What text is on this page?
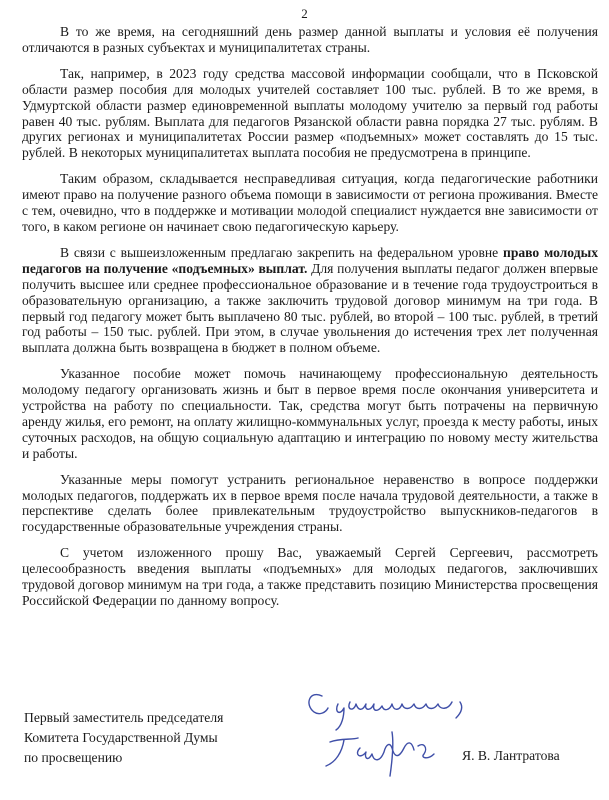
2

В то же время, на сегодняшний день размер данной выплаты и условия её получения отличаются в разных субъектах и муниципалитетах страны.

Так, например, в 2023 году средства массовой информации сообщали, что в Псковской области размер пособия для молодых учителей составляет 100 тыс. рублей. В то же время, в Удмуртской области размер единовременной выплаты молодому учителю за первый год работы равен 40 тыс. рублям. Выплата для педагогов Рязанской области равна порядка 27 тыс. рублям. В других регионах и муниципалитетах России размер «подъемных» может составлять до 15 тыс. рублей. В некоторых муниципалитетах выплата пособия не предусмотрена в принципе.

Таким образом, складывается несправедливая ситуация, когда педагогические работники имеют право на получение разного объема помощи в зависимости от региона проживания. Вместе с тем, очевидно, что в поддержке и мотивации молодой специалист нуждается вне зависимости от того, в каком регионе он начинает свою педагогическую карьеру.

В связи с вышеизложенным предлагаю закрепить на федеральном уровне право молодых педагогов на получение «подъемных» выплат. Для получения выплаты педагог должен впервые получить высшее или среднее профессиональное образование и в течение года трудоустроиться в образовательную организацию, а также заключить трудовой договор минимум на три года. В первый год педагогу может быть выплачено 80 тыс. рублей, во второй – 100 тыс. рублей, в третий год работы – 150 тыс. рублей. При этом, в случае увольнения до истечения трех лет полученная выплата должна быть возвращена в бюджет в полном объеме.

Указанное пособие может помочь начинающему профессиональную деятельность молодому педагогу организовать жизнь и быт в первое время после окончания университета и устройства на работу по специальности. Так, средства могут быть потрачены на первичную аренду жилья, его ремонт, на оплату жилищно-коммунальных услуг, проезда к месту работы, иных суточных расходов, на общую социальную адаптацию и интеграцию по новому месту жительства и работы.

Указанные меры помогут устранить региональное неравенство в вопросе поддержки молодых педагогов, поддержать их в первое время после начала трудовой деятельности, а также в перспективе сделать более привлекательным трудоустройство выпускников-педагогов в государственные образовательные учреждения страны.

С учетом изложенного прошу Вас, уважаемый Сергей Сергеевич, рассмотреть целесообразность введения выплаты «подъемных» для молодых педагогов, заключивших трудовой договор минимум на три года, а также представить позицию Министерства просвещения Российской Федерации по данному вопросу.

Первый заместитель председателя
Комитета Государственной Думы
по просвещению	Я. В. Лантратова
